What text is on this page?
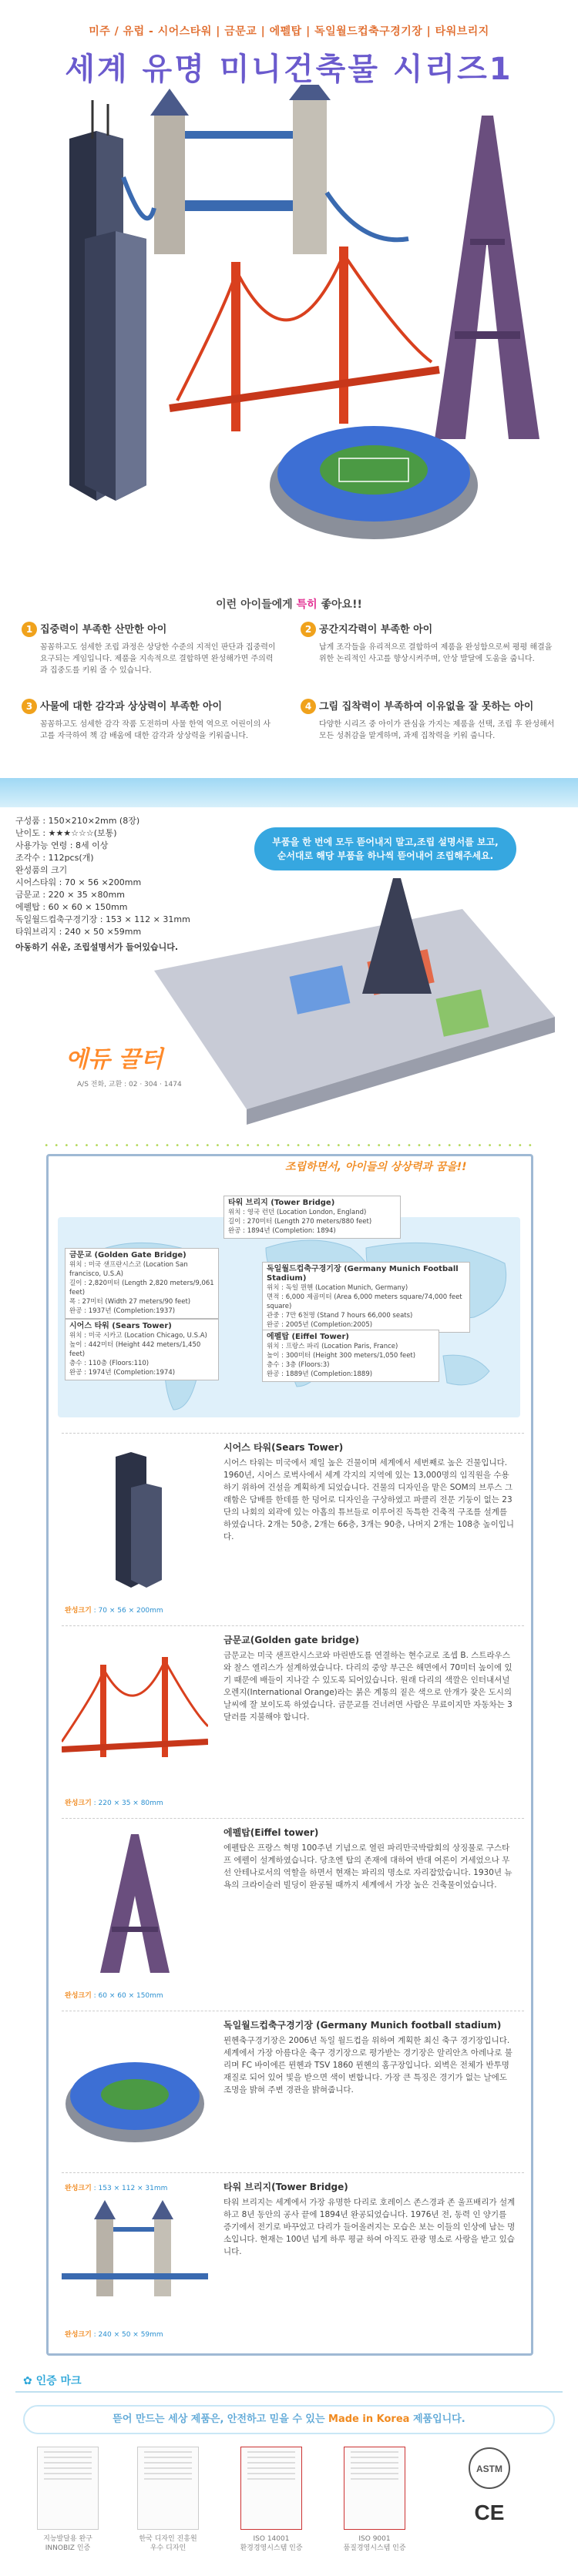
미주 / 유럽 - 시어스타워 | 금문교 | 에펠탑 | 독일월드컵축구경기장 | 타워브리지
세계 유명 미니건축물 시리즈1
이런 아이들에게 특히 좋아요!!
1 집중력이 부족한 산만한 아이
꼼꼼하고도 섬세한 조립 과정은 상당한 수준의 지적인 판단과 집중력이 요구되는 게임입니다. 제품을 지속적으로 결합하면 완성해가면 주의력과 집중도를 키워 줄 수 있습니다.
2 공간지각력이 부족한 아이
납게 조각들을 유리적으로 결합하여 제품을 완성함으로써 평평 해결을 위한 논리적인 사고를 향상시켜주며, 안상 발달에 도움을 줍니다.
3 사물에 대한 감각과 상상력이 부족한 아이
꼼꼼하고도 섬세한 감각 작품 도전하며 사물 한역 역으로 어린이의 사고를 자극하여 책 감 배움에 대한 감각과 상상력을 키워줍니다.
4 그림 집착력이 부족하여 이유없을 잘 못하는 아이
다양한 시리즈 중 아이가 관심을 가지는 제품을 선택, 조립 후 완성해서 모든 성취감을 맡게하며, 과제 집착력을 키워 줍니다.
구성품 : 150×210×2mm (8장)
난이도 : ★★★☆☆☆(보통)
사용가능 연령 : 8세 이상
조각수 : 112pcs(개)
완성품의 크기
시어스타워 : 70 × 56 ×200mm
금문교 : 220 × 35 ×80mm
에펠탑 : 60 × 60 × 150mm
독일월드컵축구경기장 : 153 × 112 × 31mm
타워브리지 : 240 × 50 ×59mm
아동하기 쉬운, 조립설명서가 들어있습니다.
부품을 한 번에 모두 뜯어내지 말고,조립 설명서를 보고,
순서대로 해당 부품을 하나씩 뜯어내어 조립해주세요.
에듀 끌터
A/S 전화, 교환 : 02 · 304 · 1474
• • • • • • • • • • • • • • • • • • • • • • • • • • • • • • • • • • • • • • • • • • • • • • • • •
조립하면서, 아이들의 상상력과 꿈을!!
타워 브리지 (Tower Bridge)
위치 : 영국 런던 (Location London, England)
길이 : 270미터 (Length 270 meters/880 feet)
완공 : 1894년 (Completion: 1894)
금문교 (Golden Gate Bridge)
위치 : 미국 샌프란시스코 (Location San francisco, U.S.A)
길이 : 2,820미터 (Length 2,820 meters/9,061 feet)
폭 : 27미터 (Width 27 meters/90 feet)
완공 : 1937년 (Completion:1937)
시어스 타워 (Sears Tower)
위치 : 미국 시카고 (Location Chicago, U.S.A)
높이 : 442미터 (Height 442 meters/1,450 feet)
층수 : 110층 (Floors:110)
완공 : 1974년 (Completion:1974)
독일월드컵축구경기장 (Germany Munich Football Stadium)
위치 : 독일 뮌헨 (Location Munich, Germany)
면적 : 6,000 제곱미터 (Area 6,000 meters square/74,000 feet square)
관중 : 7만 6천명 (Stand 7 hours 66,000 seats)
완공 : 2005년 (Completion:2005)
에펠탑 (Eiffel Tower)
위치 : 프랑스 파리 (Location Paris, France)
높이 : 300미터 (Height 300 meters/1,050 feet)
층수 : 3층 (Floors:3)
완공 : 1889년 (Completion:1889)
시어스 타워(Sears Tower)
시어스 타워는 미국에서 제일 높은 건물이며 세계에서 세번째로 높은 건물입니다. 1960년, 시어스 로벅사에서 세계 각지의 지역에 있는 13,000명의 임직원을 수용하기 위하여 건설을 계획하게 되었습니다. 건물의 디자인을 맡은 SOM의 브루스 그래함은 담배를 한데를 한 덩어로 디자인을 구상하였고 파클리 전문 기둥이 없는 23단의 나회의 외곽에 있는 아홉의 튜브들로 이루어진 독특한 건축적 구조를 설계를 하였습니다. 2개는 50층, 2개는 66층, 3개는 90층, 나머지 2개는 108층 높이입니다.
완성크기 : 70 × 56 × 200mm
금문교(Golden gate bridge)
금문교는 미국 샌프란시스코와 마린반도를 연결하는 현수교로 조셉 B. 스트라우스와 찰스 엘리스가 설계하였습니다. 다리의 중앙 부근은 해면에서 70미터 높이에 있기 때문에 배들이 지나갈 수 있도록 되어있습니다. 원래 다리의 색깔은 인터내셔널 오렌지(International Orange)라는 붉은 계통의 짙은 색으로 안개가 잦은 도시의 날씨에 잘 보이도록 하였습니다. 금문교를 건너려면 사람은 무료이지만 자동차는 3달러를 지불해야 합니다.
완성크기 : 220 × 35 × 80mm
에펠탑(Eiffel tower)
에펠탑은 프랑스 혁명 100주년 기념으로 열린 파리만국박람회의 상징물로 구스타프 에펠이 설계하였습니다. 당초엔 탑의 존재에 대하여 반대 여론이 거세었으나 무선 안테나로서의 역할을 하면서 현재는 파리의 명소로 자리잡았습니다. 1930년 뉴욕의 크라이슬러 빌딩이 완공될 때까지 세계에서 가장 높은 건축물이었습니다.
완성크기 : 60 × 60 × 150mm
독일월드컵축구경기장 (Germany Munich football stadium)
뮌헨축구경기장은 2006년 독일 월드컵을 위하여 계획한 최신 축구 경기장입니다. 세계에서 가장 아름다운 축구 경기장으로 평가받는 경기장은 알리안츠 아레나로 불리며 FC 바이에른 뮌헨과 TSV 1860 뮌헨의 홈구장입니다. 외벽은 전체가 반투명 재질로 되어 있어 빛을 받으면 색이 변합니다. 가장 큰 특징은 경기가 없는 날에도 조명을 밝혀 주변 경관을 밝혀줍니다.
완성크기 : 153 × 112 × 31mm	타워 브리지(Tower Bridge)
타워 브리지는 세계에서 가장 유명한 다리로 호레이스 존스경과 존 울프배리가 설계하고 8년 동안의 공사 끝에 1894년 완공되었습니다. 1976년 전, 동력 인 양기를 증기에서 전기로 바꾸었고 다리가 들어올려지는 모습은 보는 이들의 인상에 남는 명소입니다. 현재는 100년 넘게 하루 평균 하여 아직도 관광 명소로 사랑을 받고 있습니다.
완성크기 : 240 × 50 × 59mm
✿ 인증 마크
뜯어 만드는 세상 제품은, 안전하고 믿을 수 있는 Made in Korea 제품입니다.
ASTM
CE
지능발달용 완구
INNOBIZ 인증
한국 디자인 진흥원
우수 디자인
ISO 14001
환경경영시스템 인증
ISO 9001
품질경영시스템 인증
